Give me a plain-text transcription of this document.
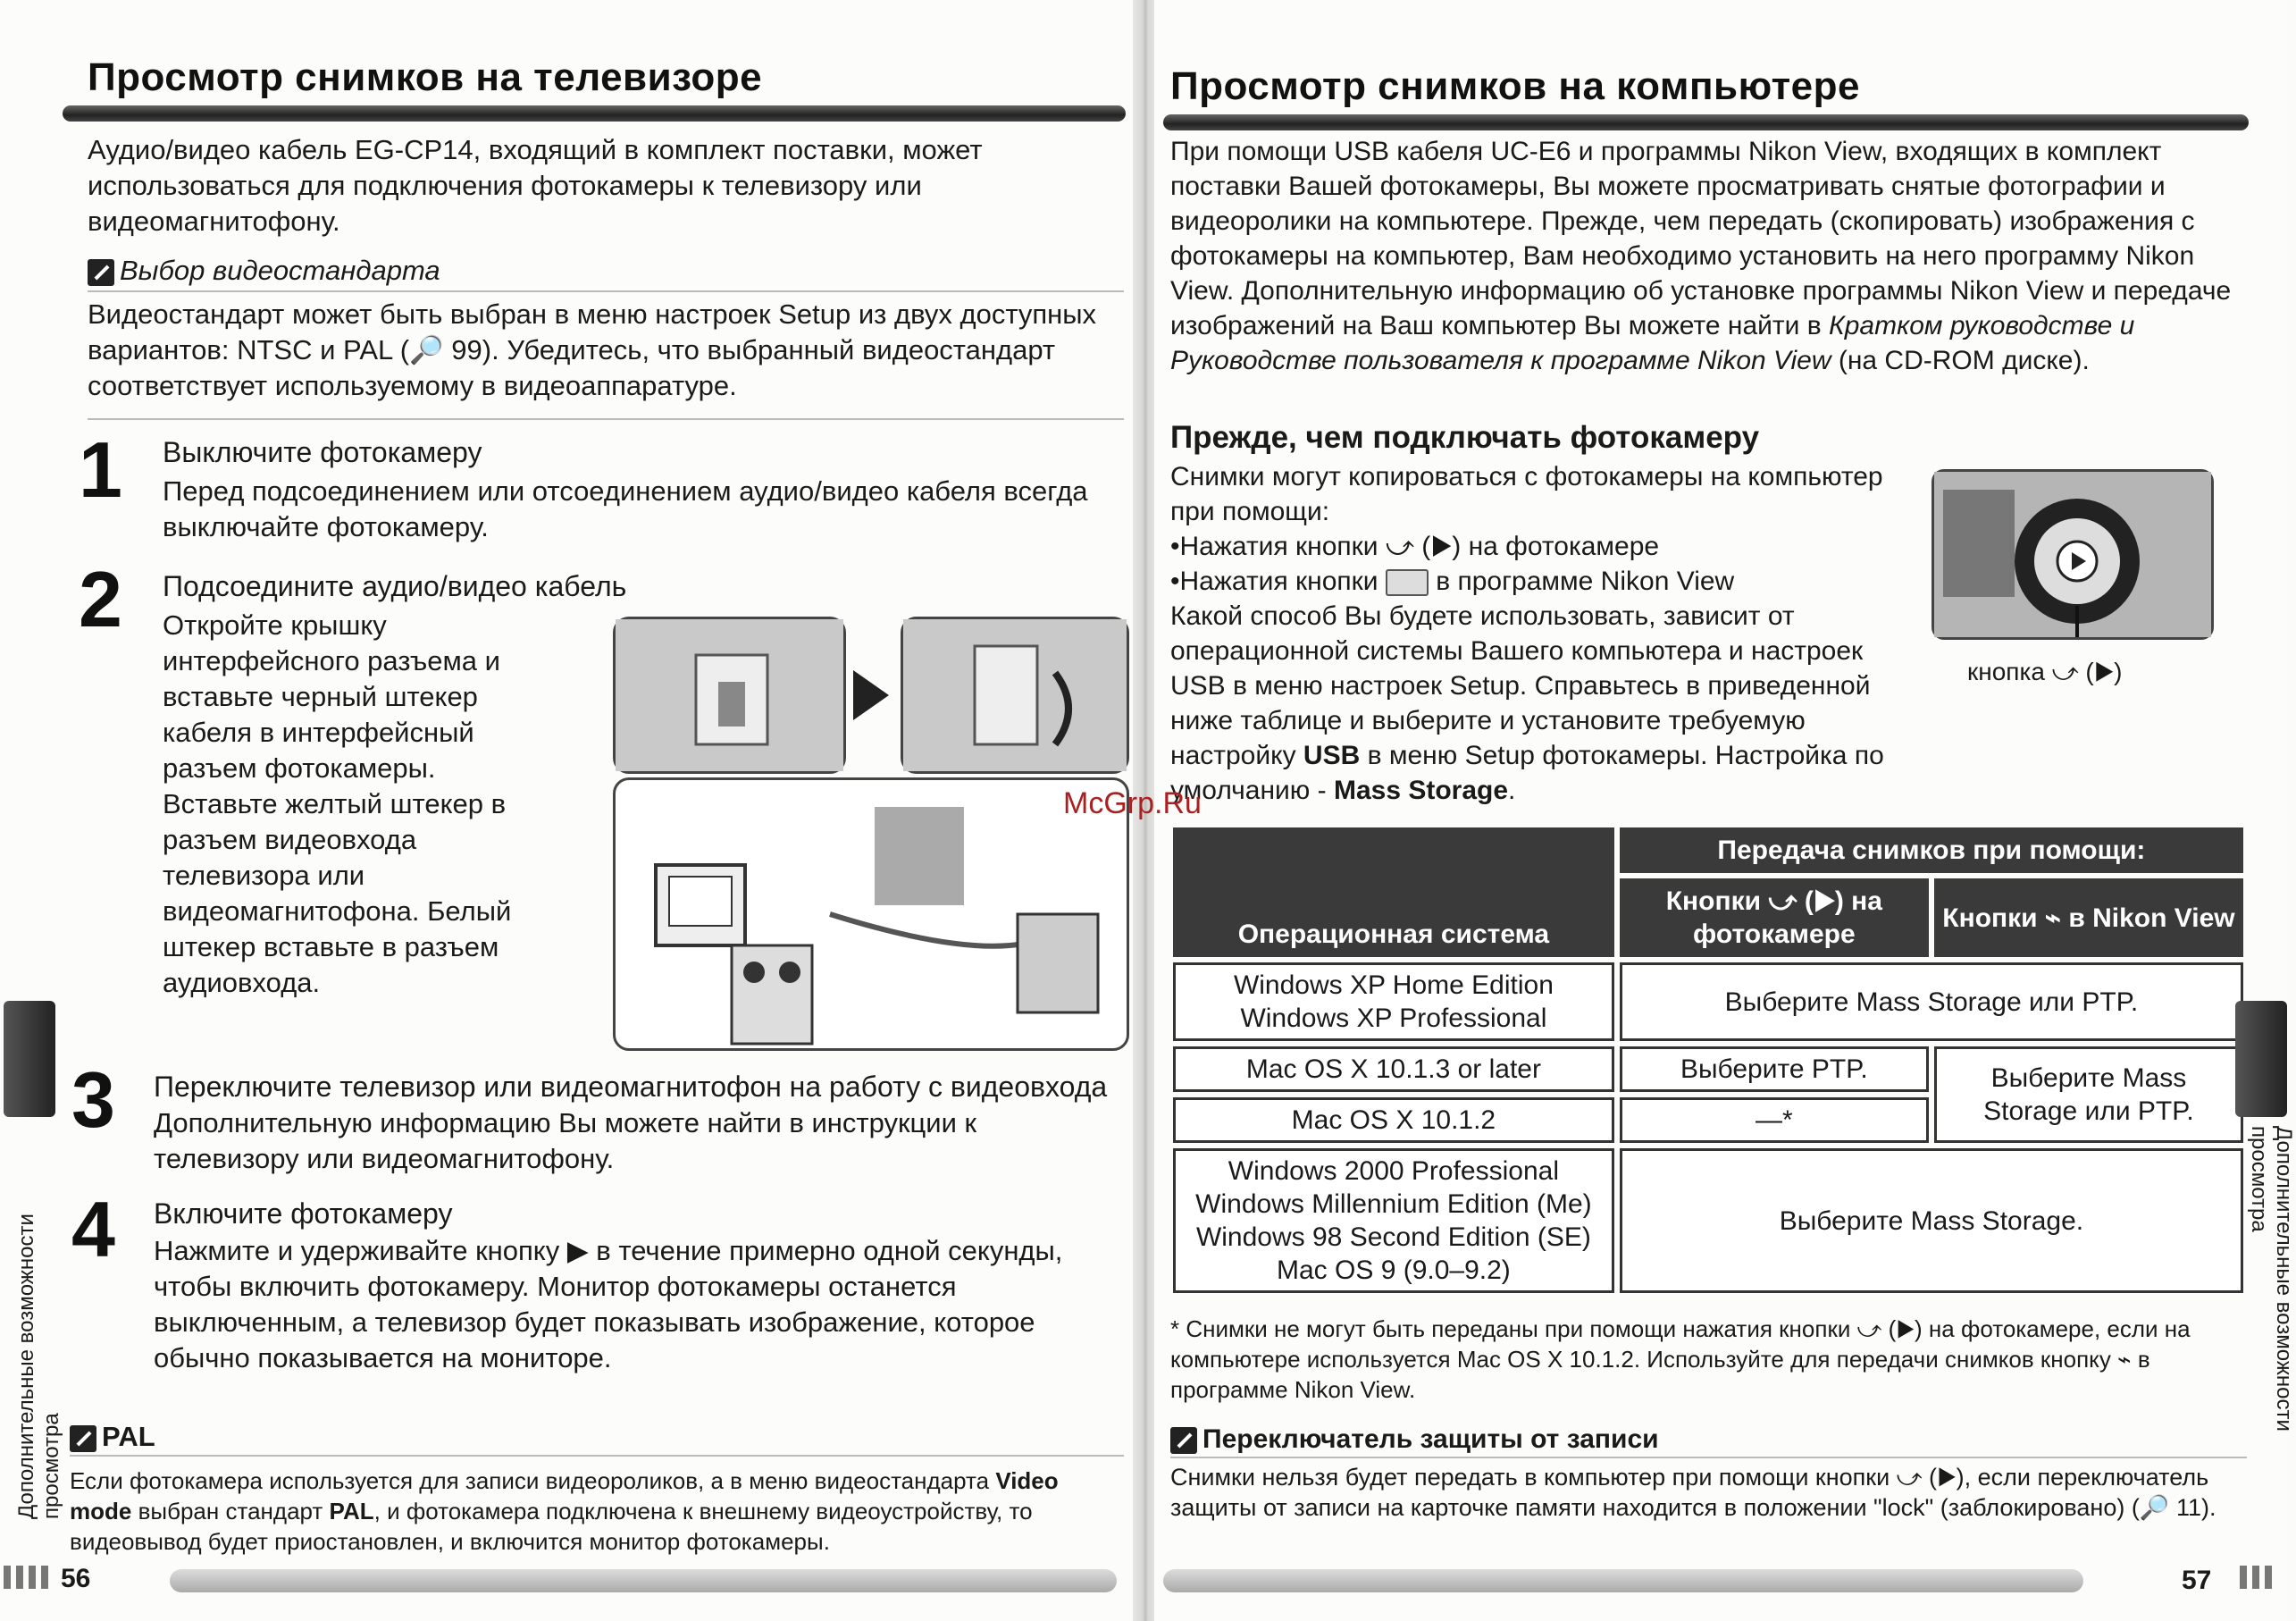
Просмотр снимков на телевизоре
Аудио/видео кабель EG-CP14, входящий в комплект поставки, может использоваться для подключения фотокамеры к телевизору или видеомагнитофону.
Выбор видеостандарта
Видеостандарт может быть выбран в меню настроек Setup из двух доступных вариантов: NTSC и PAL (🔎 99). Убедитесь, что выбранный видеостандарт соответствует используемому в видеоаппаратуре.
1 Выключите фотокамеру
Перед подсоединением или отсоединением аудио/видео кабеля всегда выключайте фотокамеру.
2 Подсоедините аудио/видео кабель
Откройте крышку интерфейсного разъема и вставьте черный штекер кабеля в интерфейсный разъем фотокамеры. Вставьте желтый штекер в разъем видеовхода телевизора или видеомагнитофона. Белый штекер вставьте в разъем аудиовхода.
3 Переключите телевизор или видеомагнитофон на работу с видеовхода
Дополнительную информацию Вы можете найти в инструкции к телевизору или видеомагнитофону.
4 Включите фотокамеру
Нажмите и удерживайте кнопку ▶ в течение примерно одной секунды, чтобы включить фотокамеру. Монитор фотокамеры останется выключенным, а телевизор будет показывать изображение, которое обычно показывается на мониторе.
PAL
Если фотокамера используется для записи видеороликов, а в меню видеостандарта Video mode выбран стандарт PAL, и фотокамера подключена к внешнему видеоустройству, то видеовывод будет приостановлен, и включится монитор фотокамеры.
Дополнительные возможности просмотра
56
Просмотр снимков на компьютере
При помощи USB кабеля UC-E6 и программы Nikon View, входящих в комплект поставки Вашей фотокамеры, Вы можете просматривать снятые фотографии и видеоролики на компьютере. Прежде, чем передать (скопировать) изображения с фотокамеры на компьютер, Вам необходимо установить на него программу Nikon View. Дополнительную информацию об установке программы Nikon View и передаче изображений на Ваш компьютер Вы можете найти в Кратком руководстве и Руководстве пользователя к программе Nikon View (на CD-ROM диске).
Прежде, чем подключать фотокамеру
Снимки могут копироваться с фотокамеры на компьютер при помощи:
•Нажатия кнопки ⤻ (▶) на фотокамере
•Нажатия кнопки в программе Nikon View
Какой способ Вы будете использовать, зависит от операционной системы Вашего компьютера и настроек USB в меню настроек Setup. Справьтесь в приведенной ниже таблице и выберите и установите требуемую настройку USB в меню Setup фотокамеры. Настройка по умолчанию - Mass Storage.
кнопка ⤻ (▶)
Операционная система	Передача снимков при помощи:	
	Кнопки ⤻ (▶) на фотокамере	Кнопки ⌁ в Nikon View
Windows XP Home Edition
Windows XP Professional	Выберите Mass Storage или PTP.	
Mac OS X 10.1.3 or later	Выберите PTP.	Выберите Mass Storage или PTP.
Mac OS X 10.1.2	—*	
Windows 2000 Professional
Windows Millennium Edition (Me)
Windows 98 Second Edition (SE)
Mac OS 9 (9.0–9.2)	Выберите Mass Storage.	
* Снимки не могут быть переданы при помощи нажатия кнопки ⤻ (▶) на фотокамере, если на компьютере используется Mac OS X 10.1.2. Используйте для передачи снимков кнопку ⌁ в программе Nikon View.
Переключатель защиты от записи
Снимки нельзя будет передать в компьютер при помощи кнопки ⤻ (▶), если переключатель защиты от записи на карточке памяти находится в положении "lock" (заблокировано) (🔎 11).
Дополнительные возможности просмотра
57
McGrp.Ru
